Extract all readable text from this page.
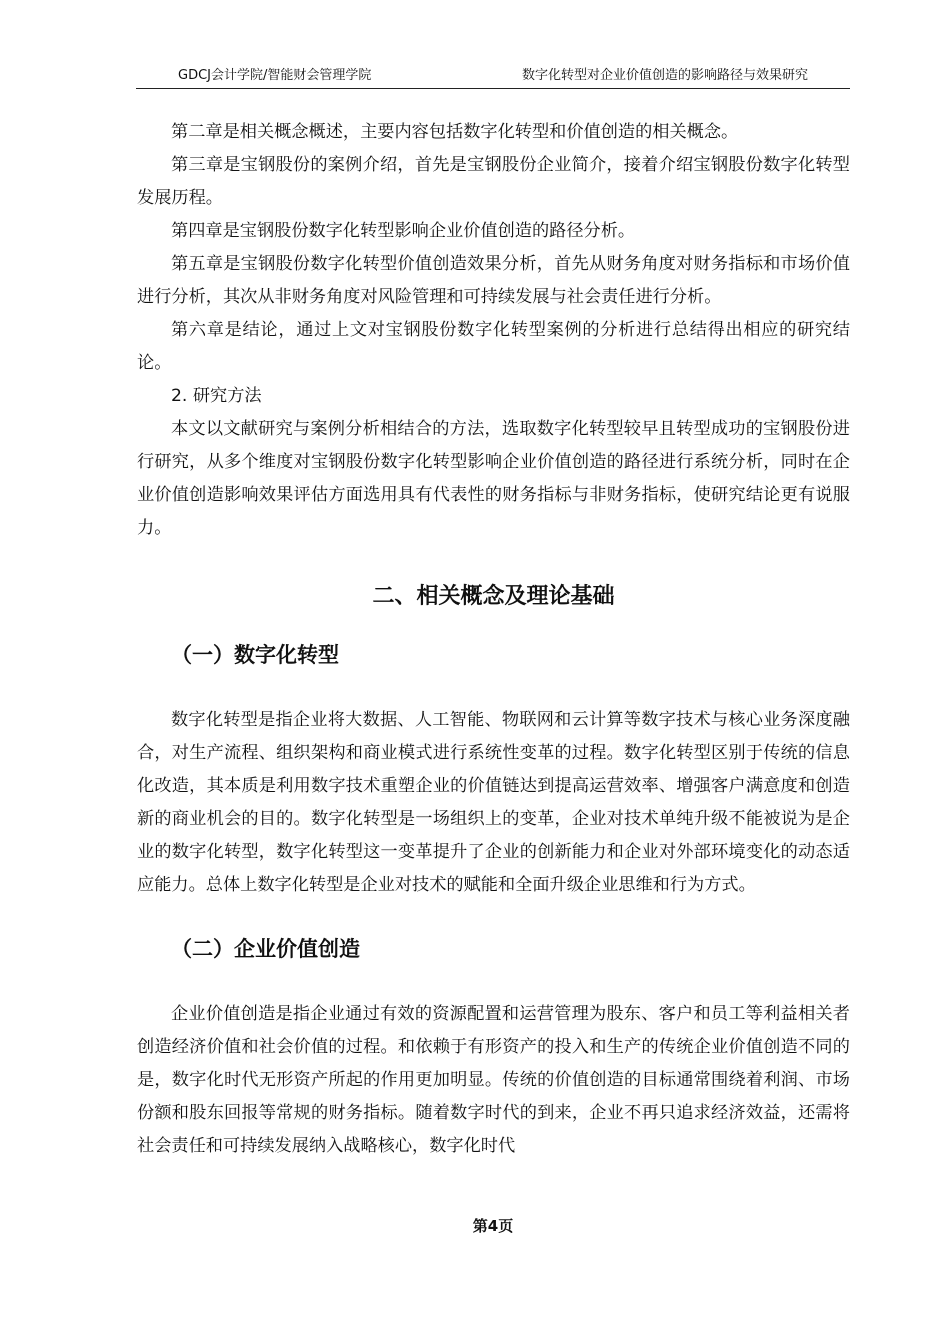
GDCJ会计学院/智能财会管理学院	数字化转型对企业价值创造的影响路径与效果研究

第二章是相关概念概述，主要内容包括数字化转型和价值创造的相关概念。

第三章是宝钢股份的案例介绍，首先是宝钢股份企业简介，接着介绍宝钢股份数字化转型发展历程。

第四章是宝钢股份数字化转型影响企业价值创造的路径分析。

第五章是宝钢股份数字化转型价值创造效果分析，首先从财务角度对财务指标和市场价值进行分析，其次从非财务角度对风险管理和可持续发展与社会责任进行分析。

第六章是结论，通过上文对宝钢股份数字化转型案例的分析进行总结得出相应的研究结论。

2. 研究方法

本文以文献研究与案例分析相结合的方法，选取数字化转型较早且转型成功的宝钢股份进行研究，从多个维度对宝钢股份数字化转型影响企业价值创造的路径进行系统分析，同时在企业价值创造影响效果评估方面选用具有代表性的财务指标与非财务指标，使研究结论更有说服力。

二、相关概念及理论基础
（一）数字化转型

数字化转型是指企业将大数据、人工智能、物联网和云计算等数字技术与核心业务深度融合，对生产流程、组织架构和商业模式进行系统性变革的过程。数字化转型区别于传统的信息化改造，其本质是利用数字技术重塑企业的价值链达到提高运营效率、增强客户满意度和创造新的商业机会的目的。数字化转型是一场组织上的变革，企业对技术单纯升级不能被说为是企业的数字化转型，数字化转型这一变革提升了企业的创新能力和企业对外部环境变化的动态适应能力。总体上数字化转型是企业对技术的赋能和全面升级企业思维和行为方式。

（二）企业价值创造

企业价值创造是指企业通过有效的资源配置和运营管理为股东、客户和员工等利益相关者创造经济价值和社会价值的过程。和依赖于有形资产的投入和生产的传统企业价值创造不同的是，数字化时代无形资产所起的作用更加明显。传统的价值创造的目标通常围绕着利润、市场份额和股东回报等常规的财务指标。随着数字时代的到来，企业不再只追求经济效益，还需将社会责任和可持续发展纳入战略核心，数字化时代

第4页
